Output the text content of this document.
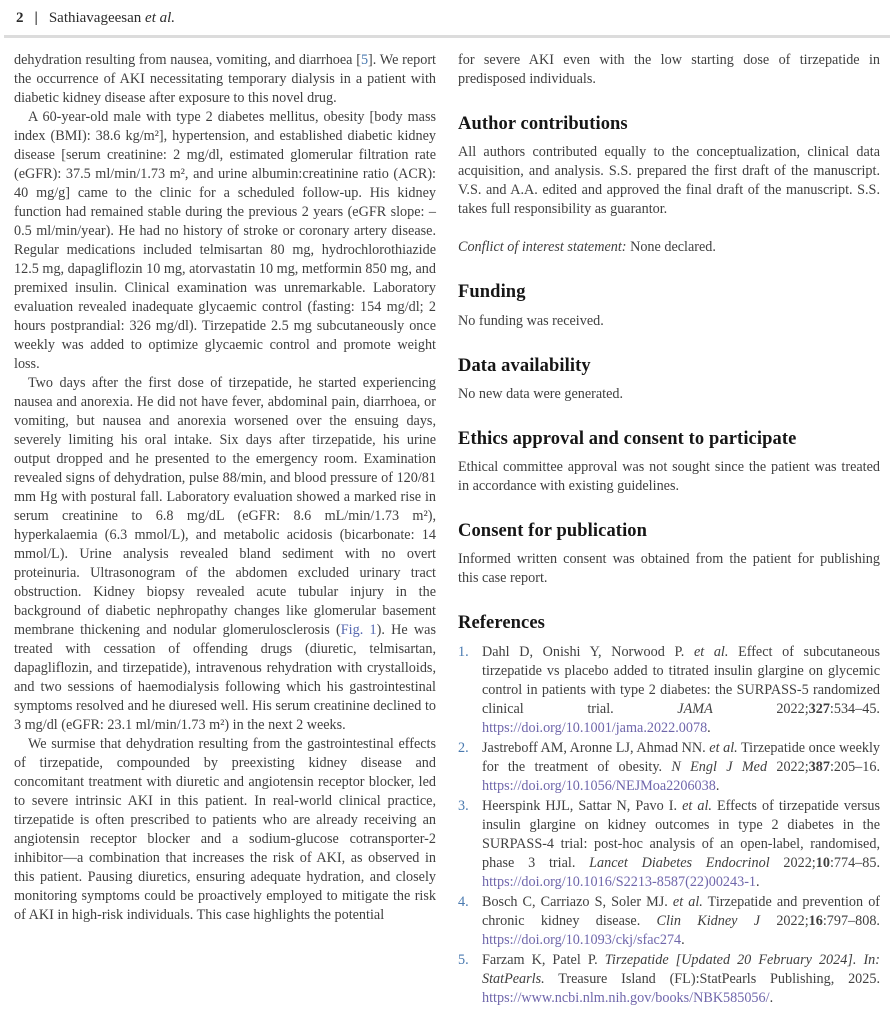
2 | Sathiavageesan et al.

dehydration resulting from nausea, vomiting, and diarrhoea [5]. We report the occurrence of AKI necessitating temporary dialysis in a patient with diabetic kidney disease after exposure to this novel drug.

A 60-year-old male with type 2 diabetes mellitus, obesity [body mass index (BMI): 38.6 kg/m²], hypertension, and established diabetic kidney disease [serum creatinine: 2 mg/dl, estimated glomerular filtration rate (eGFR): 37.5 ml/min/1.73 m², and urine albumin:creatinine ratio (ACR): 40 mg/g] came to the clinic for a scheduled follow-up. His kidney function had remained stable during the previous 2 years (eGFR slope: –0.5 ml/min/year). He had no history of stroke or coronary artery disease. Regular medications included telmisartan 80 mg, hydrochlorothiazide 12.5 mg, dapagliflozin 10 mg, atorvastatin 10 mg, metformin 850 mg, and premixed insulin. Clinical examination was unremarkable. Laboratory evaluation revealed inadequate glycaemic control (fasting: 154 mg/dl; 2 hours postprandial: 326 mg/dl). Tirzepatide 2.5 mg subcutaneously once weekly was added to optimize glycaemic control and promote weight loss.

Two days after the first dose of tirzepatide, he started experiencing nausea and anorexia. He did not have fever, abdominal pain, diarrhoea, or vomiting, but nausea and anorexia worsened over the ensuing days, severely limiting his oral intake. Six days after tirzepatide, his urine output dropped and he presented to the emergency room. Examination revealed signs of dehydration, pulse 88/min, and blood pressure of 120/81 mm Hg with postural fall. Laboratory evaluation showed a marked rise in serum creatinine to 6.8 mg/dL (eGFR: 8.6 mL/min/1.73 m²), hyperkalaemia (6.3 mmol/L), and metabolic acidosis (bicarbonate: 14 mmol/L). Urine analysis revealed bland sediment with no overt proteinuria. Ultrasonogram of the abdomen excluded urinary tract obstruction. Kidney biopsy revealed acute tubular injury in the background of diabetic nephropathy changes like glomerular basement membrane thickening and nodular glomerulosclerosis (Fig. 1). He was treated with cessation of offending drugs (diuretic, telmisartan, dapagliflozin, and tirzepatide), intravenous rehydration with crystalloids, and two sessions of haemodialysis following which his gastrointestinal symptoms resolved and he diuresed well. His serum creatinine declined to 3 mg/dl (eGFR: 23.1 ml/min/1.73 m²) in the next 2 weeks.

We surmise that dehydration resulting from the gastrointestinal effects of tirzepatide, compounded by preexisting kidney disease and concomitant treatment with diuretic and angiotensin receptor blocker, led to severe intrinsic AKI in this patient. In real-world clinical practice, tirzepatide is often prescribed to patients who are already receiving an angiotensin receptor blocker and a sodium-glucose cotransporter-2 inhibitor—a combination that increases the risk of AKI, as observed in this patient. Pausing diuretics, ensuring adequate hydration, and closely monitoring symptoms could be proactively employed to mitigate the risk of AKI in high-risk individuals. This case highlights the potential

for severe AKI even with the low starting dose of tirzepatide in predisposed individuals.

Author contributions

All authors contributed equally to the conceptualization, clinical data acquisition, and analysis. S.S. prepared the first draft of the manuscript. V.S. and A.A. edited and approved the final draft of the manuscript. S.S. takes full responsibility as guarantor.

Conflict of interest statement: None declared.

Funding

No funding was received.

Data availability

No new data were generated.

Ethics approval and consent to participate

Ethical committee approval was not sought since the patient was treated in accordance with existing guidelines.

Consent for publication

Informed written consent was obtained from the patient for publishing this case report.

References
1. Dahl D, Onishi Y, Norwood P. et al. Effect of subcutaneous tirzepatide vs placebo added to titrated insulin glargine on glycemic control in patients with type 2 diabetes: the SURPASS-5 randomized clinical trial. JAMA 2022;327:534–45. https://doi.org/10.1001/jama.2022.0078.
2. Jastreboff AM, Aronne LJ, Ahmad NN. et al. Tirzepatide once weekly for the treatment of obesity. N Engl J Med 2022;387:205–16. https://doi.org/10.1056/NEJMoa2206038.
3. Heerspink HJL, Sattar N, Pavo I. et al. Effects of tirzepatide versus insulin glargine on kidney outcomes in type 2 diabetes in the SURPASS-4 trial: post-hoc analysis of an open-label, randomised, phase 3 trial. Lancet Diabetes Endocrinol 2022;10:774–85. https://doi.org/10.1016/S2213-8587(22)00243-1.
4. Bosch C, Carriazo S, Soler MJ. et al. Tirzepatide and prevention of chronic kidney disease. Clin Kidney J 2022;16:797–808. https://doi.org/10.1093/ckj/sfac274.
5. Farzam K, Patel P. Tirzepatide [Updated 20 February 2024]. In: StatPearls. Treasure Island (FL):StatPearls Publishing, 2025. https://www.ncbi.nlm.nih.gov/books/NBK585056/.
